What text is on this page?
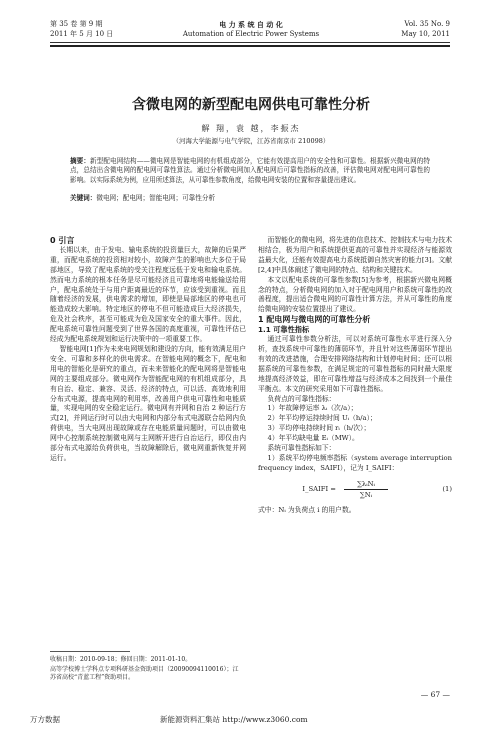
第 35 卷 第 9 期
2011 年 5 月 10 日
电 力 系 统 自 动 化
Automation of Electric Power Systems
Vol. 35 No. 9
May 10, 2011
含微电网的新型配电网供电可靠性分析
解 翔，袁 越，李振杰
（河海大学能源与电气学院，江苏省南京市 210098）
摘要：新型配电网结构——微电网是智能电网的有机组成部分，它能有效提高用户的安全性和可靠性。根据新兴微电网的特点，总结出含微电网的配电网可靠性算法。通过分析微电网加入配电网后可靠性指标的改善，评估微电网对配电网可靠性的影响。以实际系统为例，应用所述算法，从可靠性参数角度，给微电网安装的位置和容量提出建议。
关键词：微电网；配电网；智能电网；可靠性分析

0 引言

长期以来，由于发电、输电系统的投资量巨大，故障的后果严重，而配电系统的投资相对较小，故障产生的影响也大多位于局部地区，导致了配电系统的受关注程度远低于发电和输电系统。然而电力系统的根本任务是尽可能经济且可靠地将电能输送给用户，配电系统处于与用户距离最近的环节，应该受到重视。而且随着经济的发展，供电需求的增加，即使是局部地区的停电也可能造成较大影响。特定地区的停电不但可能造成巨大经济损失，危及社会秩序，甚至可能成为危及国家安全的重大事件。因此，配电系统可靠性问题受到了世界各国的高度重视，可靠性评估已经成为配电系统规划和运行决策中的一项重要工作。

智能电网[1]作为未来电网规划和建设的方向，能有效满足用户安全、可靠和多样化的供电需求。在智能电网的概念下，配电和用电的智能化是研究的重点，而未来智能化的配电网将是智能电网的主要组成部分。微电网作为智能配电网的有机组成部分，具有自治、稳定、兼容、灵活、经济的特点，可以活、高效地利用分布式电源，提高电网的利用率，改善用户供电可靠性和电能质量，实现电网的安全稳定运行。微电网有并网和自治 2 种运行方式[2]，并网运行时可以由大电网和内部分布式电源联合给网内负荷供电，当大电网出现故障或存在电能质量问题时，可以由微电网中心控制系统控制微电网与主网断开进行自治运行，即仅由内部分布式电源给负荷供电，当故障解除后，微电网重新恢复并网运行。

而智能化的微电网，将先进的信息技术、控制技术与电力技术相结合，极为用户和系统提供更高的可靠性并实现经济与能源效益最大化，还能有效提高电力系统抵御自然灾害的能力[3]。文献[2,4]中具体阐述了微电网的特点、结构和关键技术。

本文以配电系统的可靠性参数[5]为参考，根据新兴微电网概念的特点，分析微电网的加入对于配电网用户和系统可靠性的改善程度，提出适合微电网的可靠性计算方法，并从可靠性的角度给微电网的安装位置提出了建议。

1 配电网与微电网的可靠性分析

1.1 可靠性指标

通过可靠性参数分析法，可以对系统可靠性水平进行深入分析，查找系统中可靠性的薄弱环节，并且针对这些薄弱环节提出有效的改进措施，合理安排网络结构和计划停电时间；还可以根据系统的可靠性参数，在满足规定的可靠性指标的同时最大限度地提高经济效益，即在可靠性增益与经济成本之间找到一个最佳平衡点。本文的研究采用如下可靠性指标。

负荷点的可靠性指标：

1）年故障停运率 λᵢ（次/a）；

2）年平均停运持续时间 Uᵢ（h/a）；

3）平均停电持续时间 rᵢ（h/次）；

4）年平均缺电量 Eᵢ（MW）。

系统可靠性指标如下：

1）系统平均停电频率指标（system average interruption frequency index，SAIFI），记为 I_SAIFI：

I_SAIFI = $\frac{\text{∑λᵢNᵢ}}{\text{∑Nᵢ}}$	(1)

式中：Nᵢ 为负荷点 i 的用户数。

收稿日期：2010-09-18；修回日期：2011-01-10。
高等学校博士学科点专项科研基金资助项目（20090094110016）；江苏省高校“青蓝工程”资助项目。
— 67 —
万方数据	新能源资料汇集站 http://www.z3060.com
